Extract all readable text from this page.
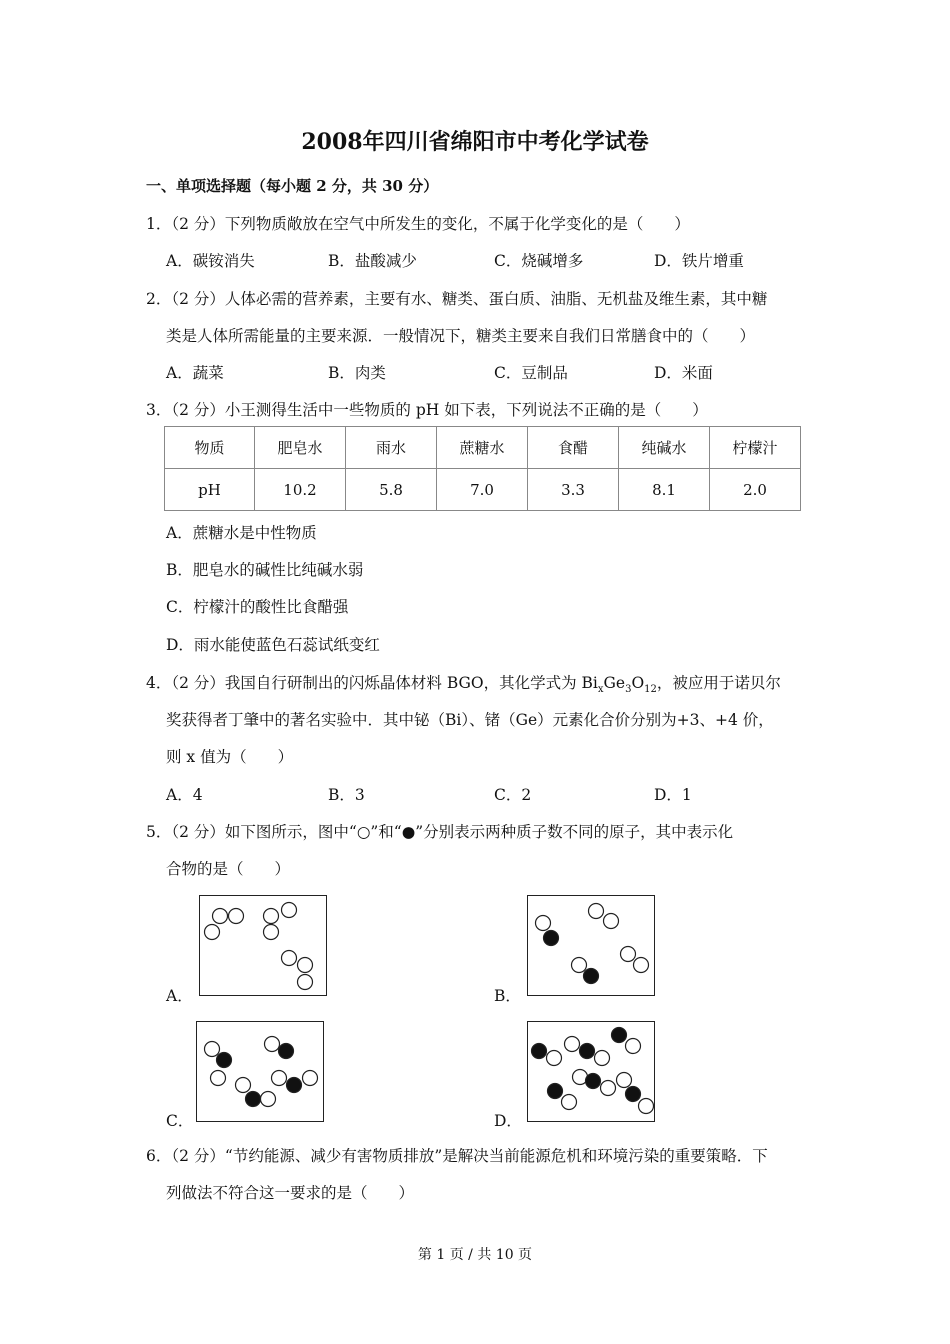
2008年四川省绵阳市中考化学试卷
一、单项选择题（每小题 2 分，共 30 分）
1．（2 分）下列物质敞放在空气中所发生的变化，不属于化学变化的是（　　）
A．碳铵消失	B．盐酸减少	C．烧碱增多	D．铁片增重
2．（2 分）人体必需的营养素，主要有水、糖类、蛋白质、油脂、无机盐及维生素，其中糖
类是人体所需能量的主要来源．一般情况下，糖类主要来自我们日常膳食中的（　　）
A．蔬菜	B．肉类	C．豆制品	D．米面
3．（2 分）小王测得生活中一些物质的 pH 如下表，下列说法不正确的是（　　）
物质	肥皂水	雨水	蔗糖水	食醋	纯碱水	柠檬汁
pH	10.2	5.8	7.0	3.3	8.1	2.0
A．蔗糖水是中性物质
B．肥皂水的碱性比纯碱水弱
C．柠檬汁的酸性比食醋强
D．雨水能使蓝色石蕊试纸变红
4．（2 分）我国自行研制出的闪烁晶体材料 BGO，其化学式为 $Bi_xGe_3O_{12}$，被应用于诺贝尔
奖获得者丁肇中的著名实验中．其中铋（Bi）、锗（Ge）元素化合价分别为+3、+4 价，
则 x 值为（　　）
A．4	B．3	C．2	D．1
5．（2 分）如下图所示，图中“○”和“●”分别表示两种质子数不同的原子，其中表示化
合物的是（　　）
A．	B．
C．	D．
6．（2 分）“节约能源、减少有害物质排放”是解决当前能源危机和环境污染的重要策略．下
列做法不符合这一要求的是（　　）
第 1 页 / 共 10 页
